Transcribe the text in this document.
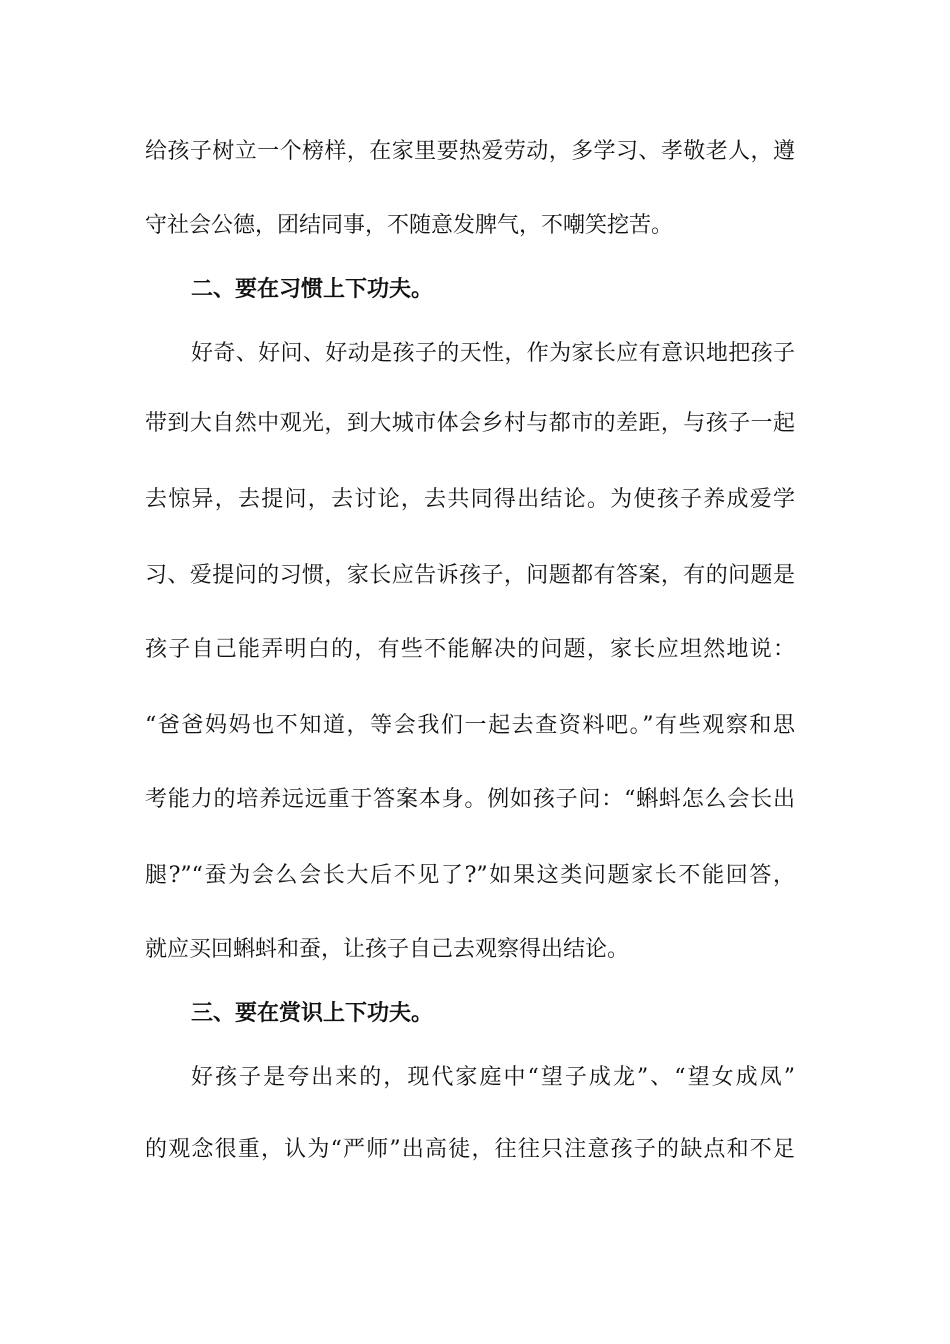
给孩子树立一个榜样，在家里要热爱劳动，多学习、孝敬老人，遵
守社会公德，团结同事，不随意发脾气，不嘲笑挖苦。
二、要在习惯上下功夫。
好奇、好问、好动是孩子的天性，作为家长应有意识地把孩子
带到大自然中观光，到大城市体会乡村与都市的差距，与孩子一起
去惊异，去提问，去讨论，去共同得出结论。为使孩子养成爱学
习、爱提问的习惯，家长应告诉孩子，问题都有答案，有的问题是
孩子自己能弄明白的，有些不能解决的问题，家长应坦然地说：
“爸爸妈妈也不知道，等会我们一起去查资料吧。”有些观察和思
考能力的培养远远重于答案本身。例如孩子问：“蝌蚪怎么会长出
腿?”“蚕为会么会长大后不见了?”如果这类问题家长不能回答，
就应买回蝌蚪和蚕，让孩子自己去观察得出结论。
三、要在赏识上下功夫。
好孩子是夸出来的，现代家庭中“望子成龙”、“望女成凤”
的观念很重，认为“严师”出高徒，往往只注意孩子的缺点和不足
